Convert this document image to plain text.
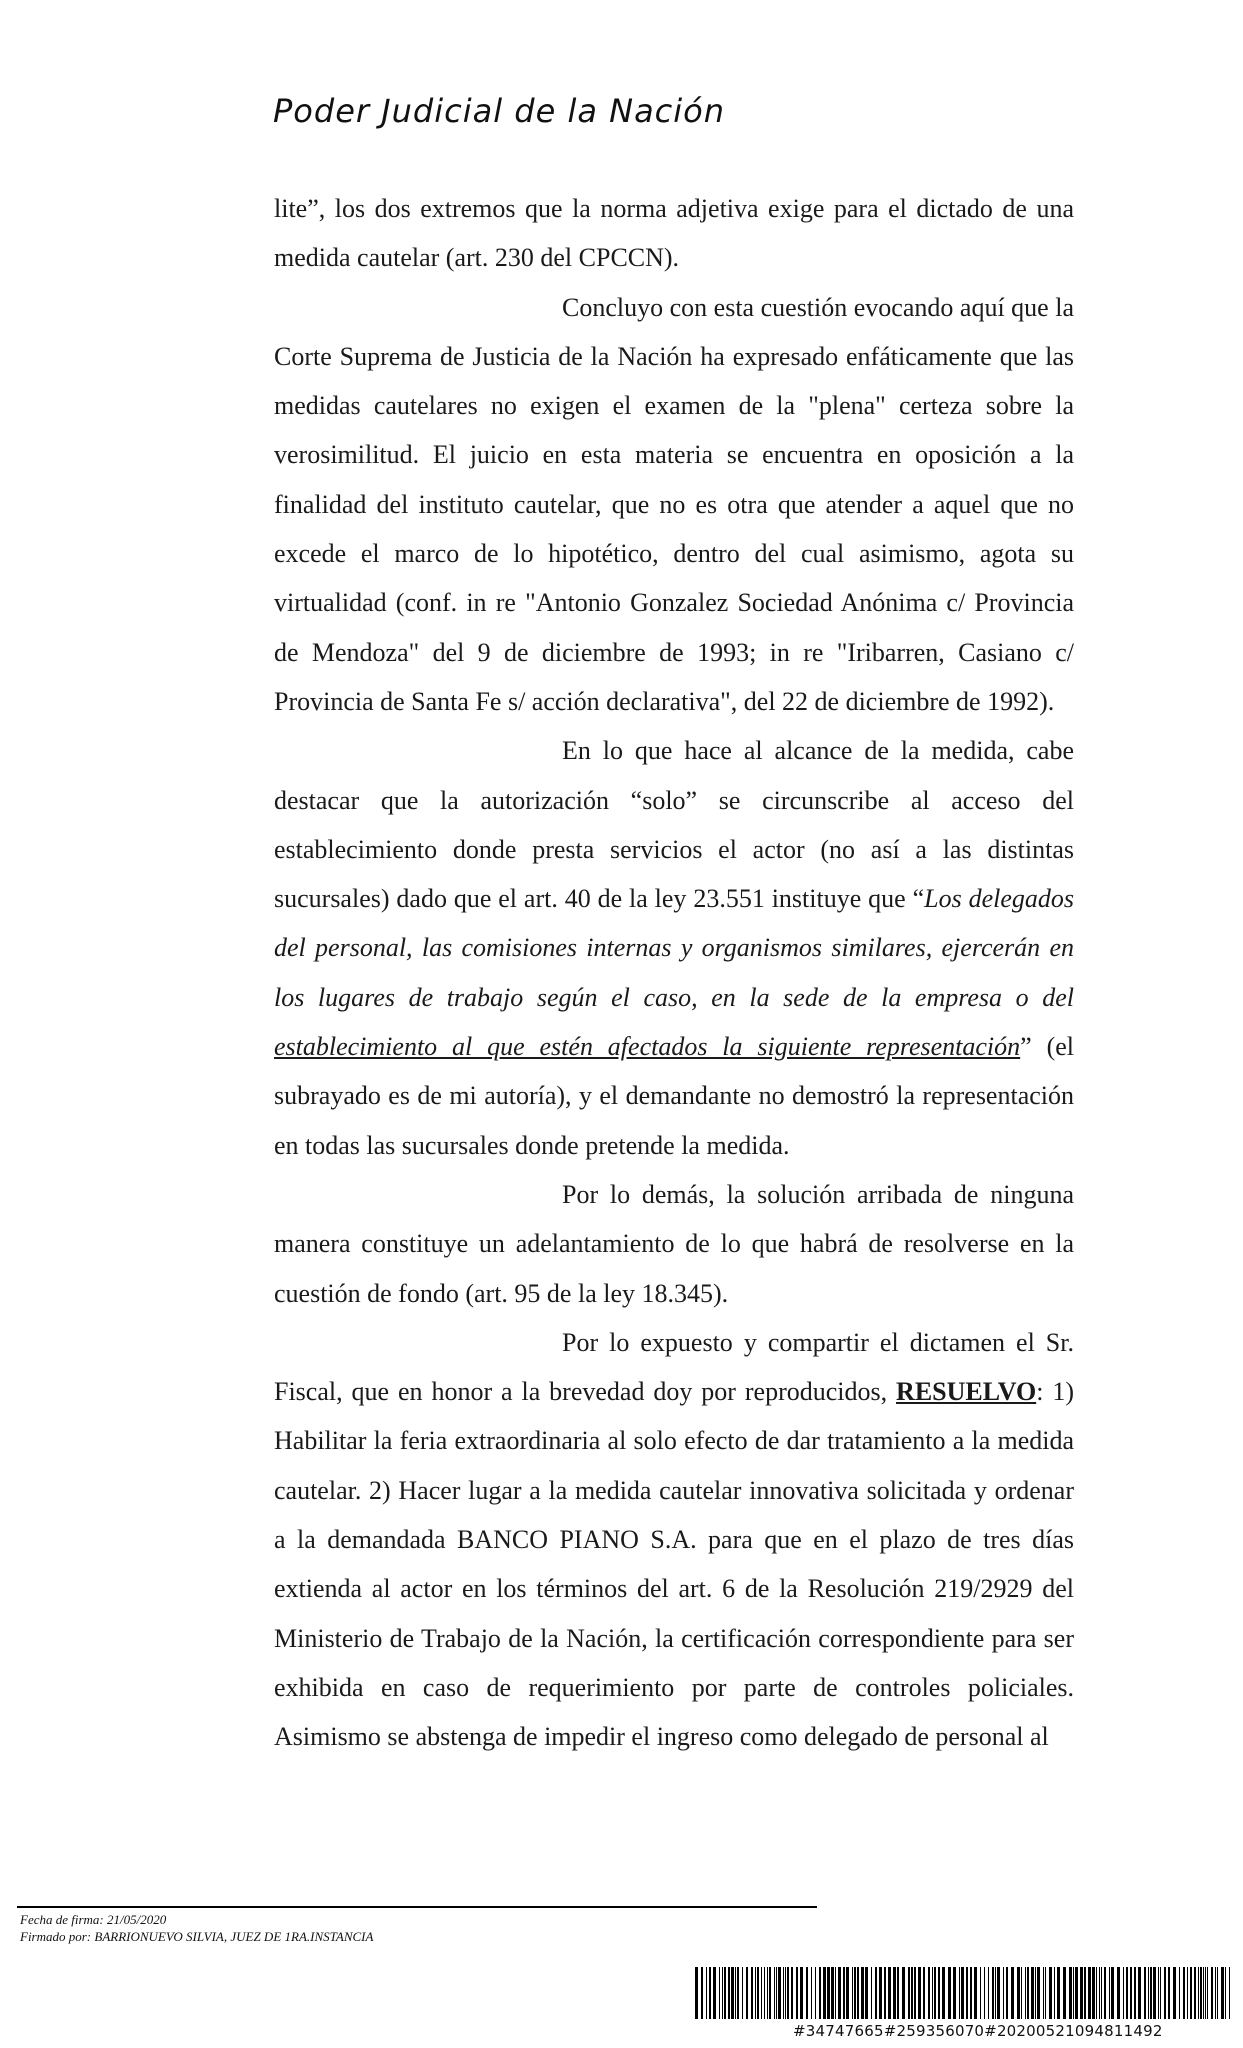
Poder Judicial de la Nación

lite”, los dos extremos que la norma adjetiva exige para el dictado de una medida cautelar (art. 230 del CPCCN).

Concluyo con esta cuestión evocando aquí que la Corte Suprema de Justicia de la Nación ha expresado enfáticamente que las medidas cautelares no exigen el examen de la "plena" certeza sobre la verosimilitud. El juicio en esta materia se encuentra en oposición a la finalidad del instituto cautelar, que no es otra que atender a aquel que no excede el marco de lo hipotético, dentro del cual asimismo, agota su virtualidad (conf. in re "Antonio Gonzalez Sociedad Anónima c/ Provincia de Mendoza" del 9 de diciembre de 1993; in re "Iribarren, Casiano c/ Provincia de Santa Fe s/ acción declarativa", del 22 de diciembre de 1992).

En lo que hace al alcance de la medida, cabe destacar que la autorización “solo” se circunscribe al acceso del establecimiento donde presta servicios el actor (no así a las distintas sucursales) dado que el art. 40 de la ley 23.551 instituye que “Los delegados del personal, las comisiones internas y organismos similares, ejercerán en los lugares de trabajo según el caso, en la sede de la empresa o del establecimiento al que estén afectados la siguiente representación” (el subrayado es de mi autoría), y el demandante no demostró la representación en todas las sucursales donde pretende la medida.

Por lo demás, la solución arribada de ninguna manera constituye un adelantamiento de lo que habrá de resolverse en la cuestión de fondo (art. 95 de la ley 18.345).

Por lo expuesto y compartir el dictamen el Sr. Fiscal, que en honor a la brevedad doy por reproducidos, RESUELVO: 1) Habilitar la feria extraordinaria al solo efecto de dar tratamiento a la medida cautelar. 2) Hacer lugar a la medida cautelar innovativa solicitada y ordenar a la demandada BANCO PIANO S.A. para que en el plazo de tres días extienda al actor en los términos del art. 6 de la Resolución 219/2929 del Ministerio de Trabajo de la Nación, la certificación correspondiente para ser exhibida en caso de requerimiento por parte de controles policiales. Asimismo se abstenga de impedir el ingreso como delegado de personal al

Fecha de firma: 21/05/2020
Firmado por: BARRIONUEVO SILVIA, JUEZ DE 1RA.INSTANCIA
#34747665#259356070#20200521094811492
